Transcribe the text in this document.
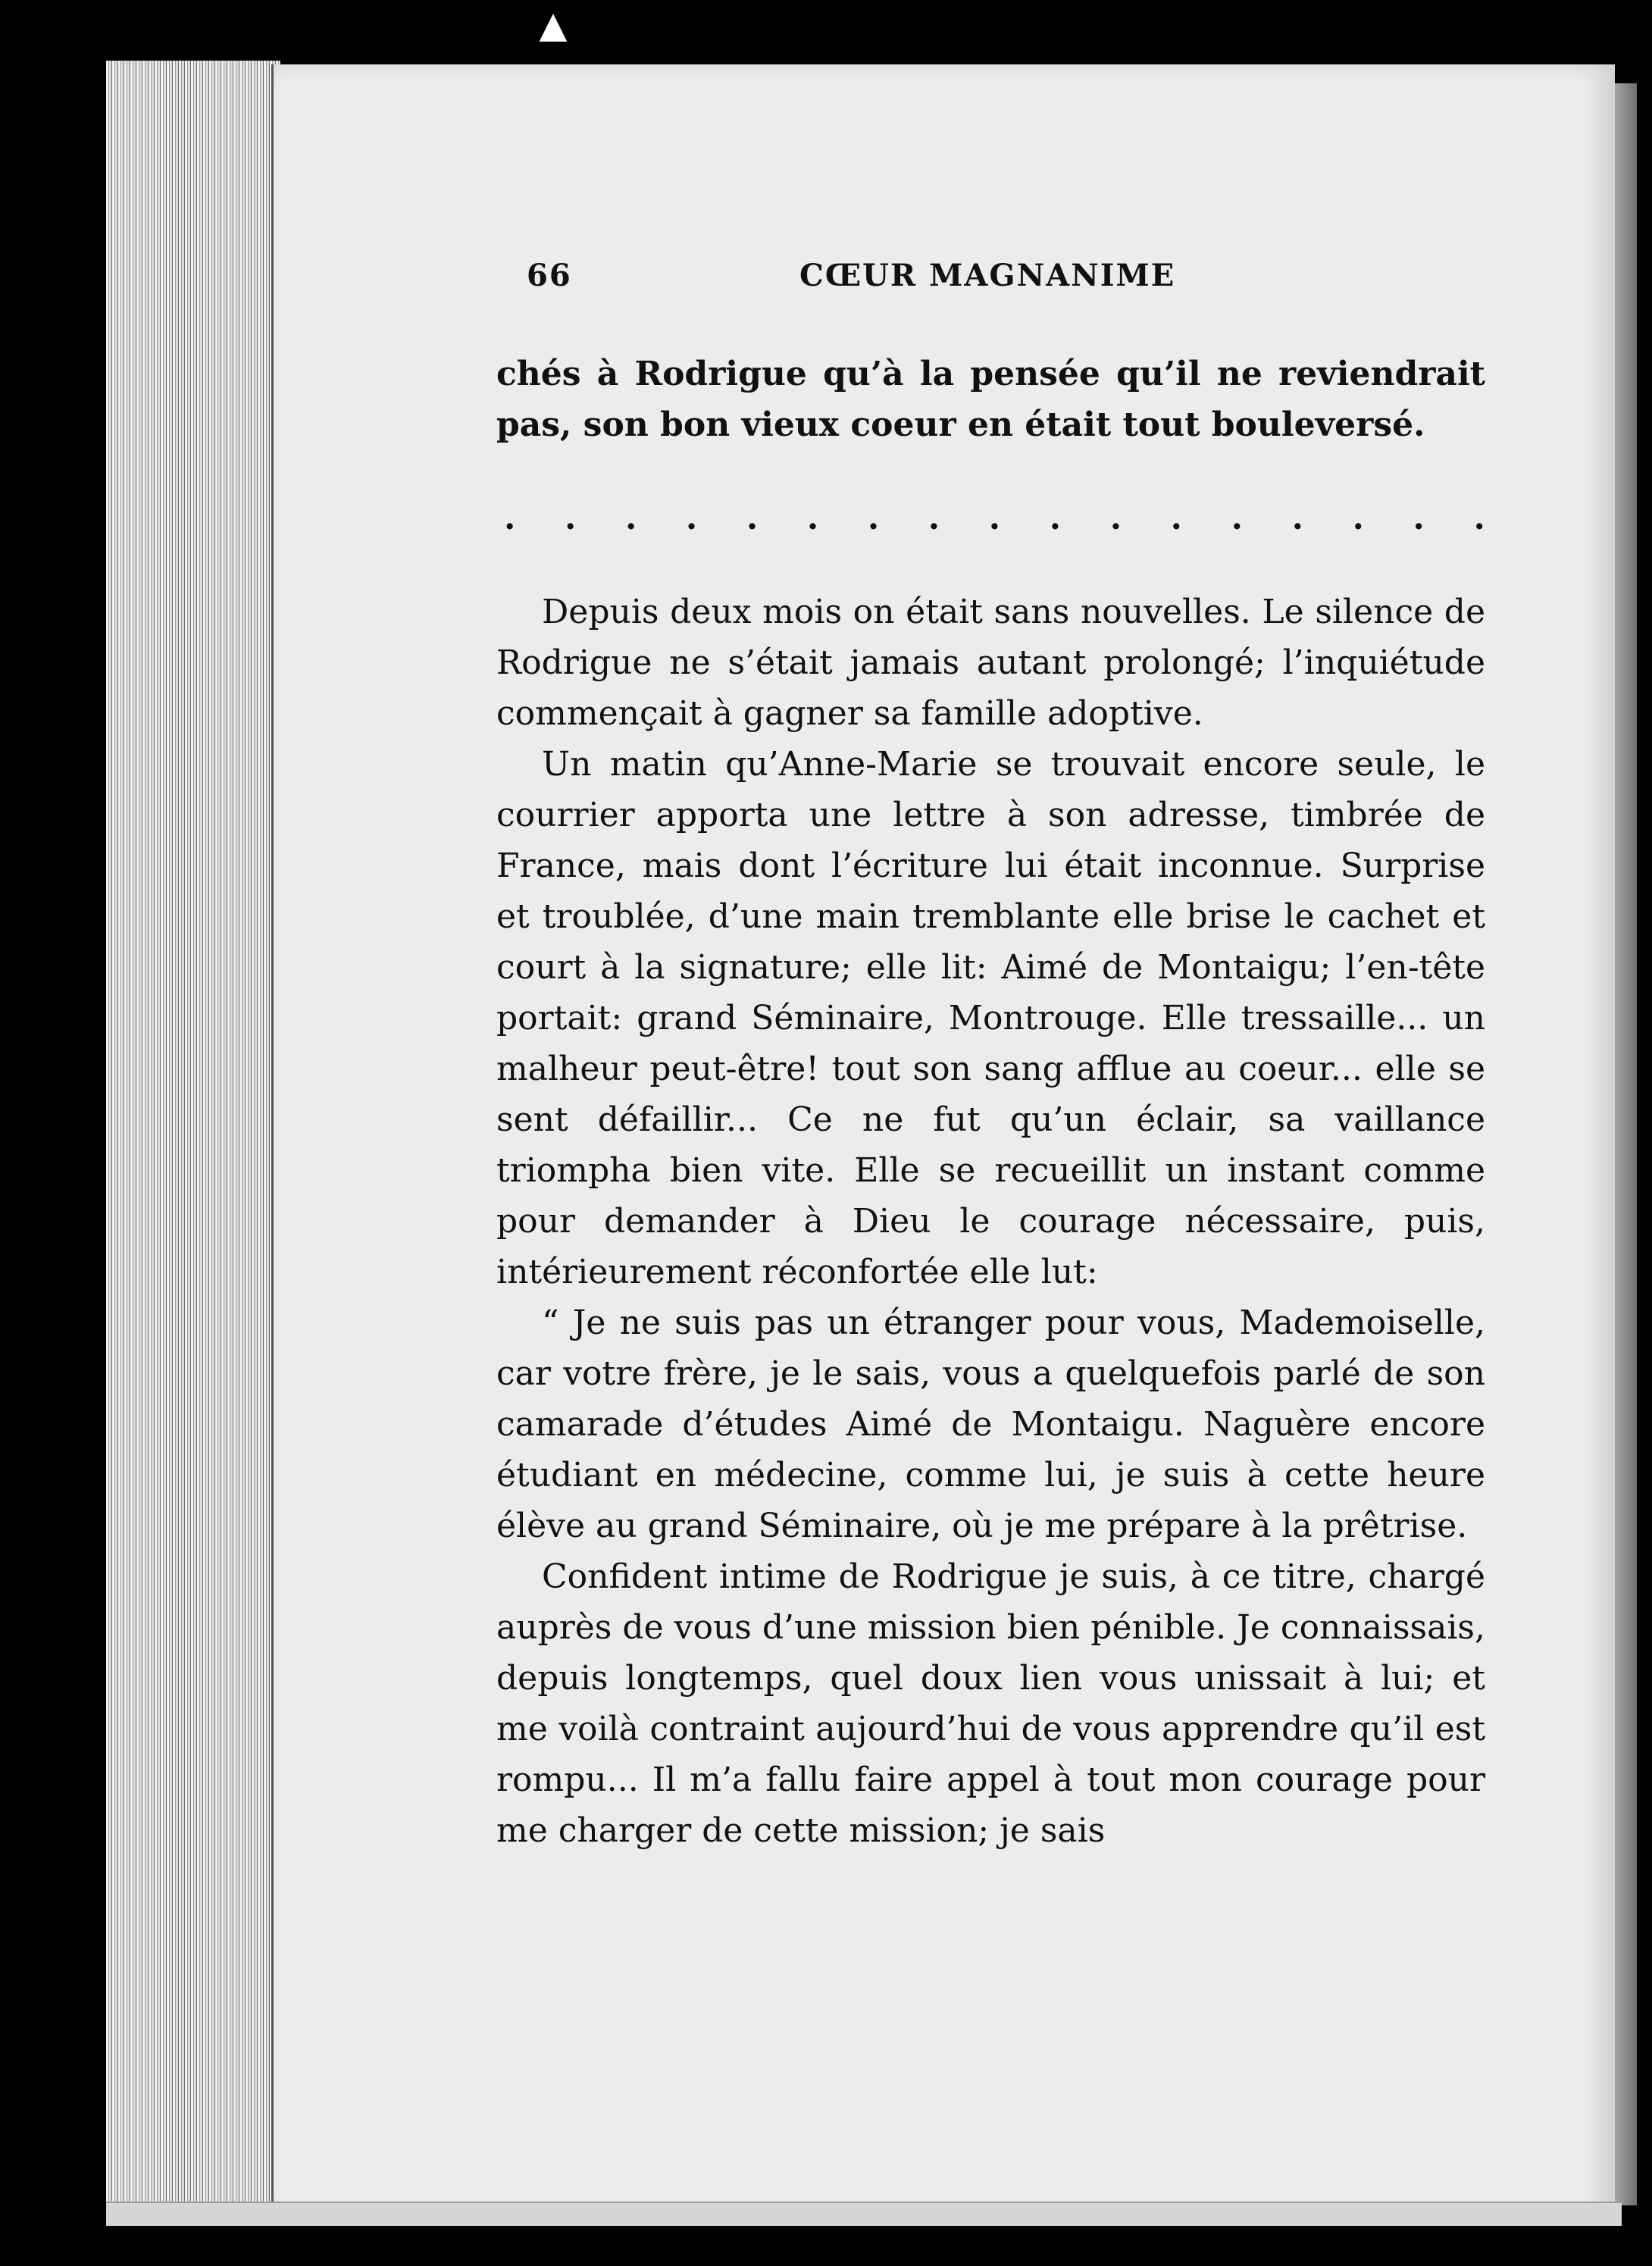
▲
66	CŒUR MAGNANIME

chés à Rodrigue qu’à la pensée qu’il ne reviendrait pas, son bon vieux coeur en était tout bouleversé.

. . . . . . . . . . . . . . . . .

Depuis deux mois on était sans nouvelles. Le silence de Rodrigue ne s’était jamais autant prolongé; l’inquiétude commençait à gagner sa famille adoptive.

Un matin qu’Anne-Marie se trouvait encore seule, le courrier apporta une lettre à son adresse, timbrée de France, mais dont l’écriture lui était inconnue. Surprise et troublée, d’une main tremblante elle brise le cachet et court à la signature; elle lit: Aimé de Montaigu; l’en-tête portait: grand Séminaire, Montrouge. Elle tressaille... un malheur peut-être! tout son sang afflue au coeur... elle se sent défaillir... Ce ne fut qu’un éclair, sa vaillance triompha bien vite. Elle se recueillit un instant comme pour demander à Dieu le courage nécessaire, puis, intérieurement réconfortée elle lut:

“ Je ne suis pas un étranger pour vous, Mademoiselle, car votre frère, je le sais, vous a quelquefois parlé de son camarade d’études Aimé de Montaigu. Naguère encore étudiant en médecine, comme lui, je suis à cette heure élève au grand Séminaire, où je me prépare à la prêtrise.

Confident intime de Rodrigue je suis, à ce titre, chargé auprès de vous d’une mission bien pénible. Je connaissais, depuis longtemps, quel doux lien vous unissait à lui; et me voilà contraint aujourd’hui de vous apprendre qu’il est rompu... Il m’a fallu faire appel à tout mon courage pour me charger de cette mission; je sais
